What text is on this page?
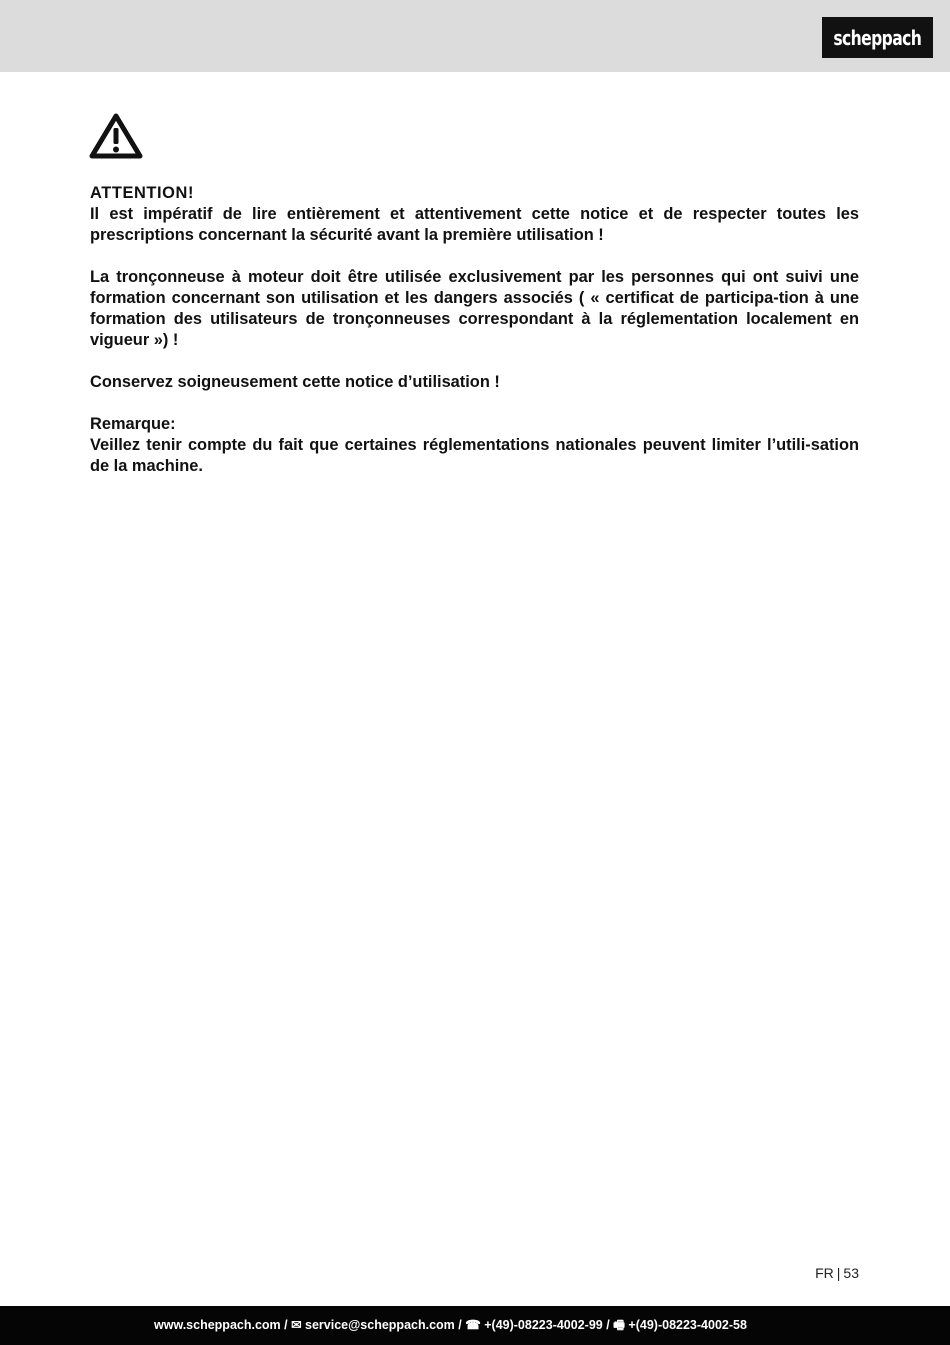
scheppach

ATTENTION!
Il est impératif de lire entièrement et attentivement cette notice et de respecter toutes les prescriptions concernant la sécurité avant la première utilisation !

La tronçonneuse à moteur doit être utilisée exclusivement par les personnes qui ont suivi une formation concernant son utilisation et les dangers associés ( « certificat de participa-tion à une formation des utilisateurs de tronçonneuses correspondant à la réglementation localement en vigueur ») !

Conservez soigneusement cette notice d’utilisation !

Remarque:
Veillez tenir compte du fait que certaines réglementations nationales peuvent limiter l’utili-sation de la machine.

FR | 53
www.scheppach.com / ✉ service@scheppach.com / ☎ +(49)-08223-4002-99 / 🖷 +(49)-08223-4002-58
